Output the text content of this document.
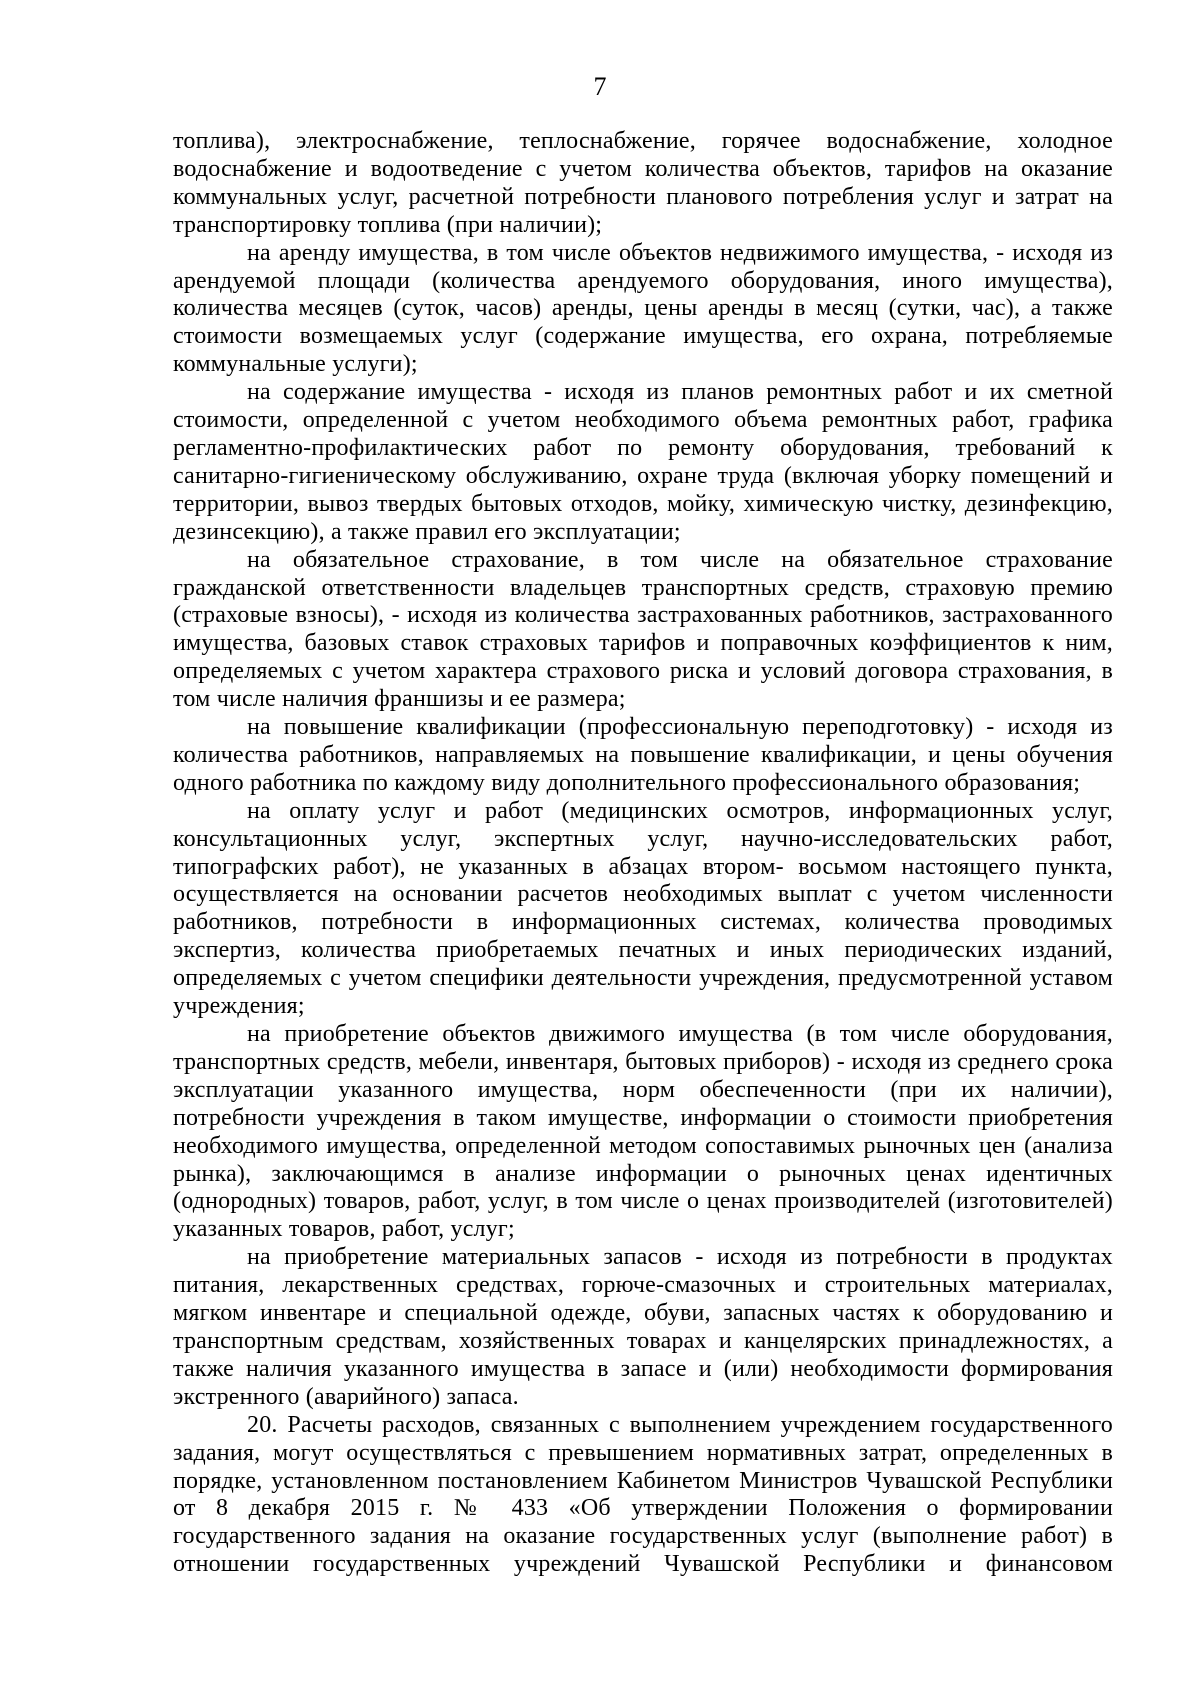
7

топлива), электроснабжение, теплоснабжение, горячее водоснабжение, холодное водоснабжение и водоотведение с учетом количества объектов, тарифов на оказание коммунальных услуг, расчетной потребности планового потребления услуг и затрат на транспортировку топлива (при наличии);

на аренду имущества, в том числе объектов недвижимого имущества, - исходя из арендуемой площади (количества арендуемого оборудования, иного имущества), количества месяцев (суток, часов) аренды, цены аренды в месяц (сутки, час), а также стоимости возмещаемых услуг (содержание имущества, его охрана, потребляемые коммунальные услуги);

на содержание имущества - исходя из планов ремонтных работ и их сметной стоимости, определенной с учетом необходимого объема ремонтных работ, графика регламентно-профилактических работ по ремонту оборудования, требований к санитарно-гигиеническому обслуживанию, охране труда (включая уборку помещений и территории, вывоз твердых бытовых отходов, мойку, химическую чистку, дезинфекцию, дезинсекцию), а также правил его эксплуатации;

на обязательное страхование, в том числе на обязательное страхование гражданской ответственности владельцев транспортных средств, страховую премию (страховые взносы), - исходя из количества застрахованных работников, застрахованного имущества, базовых ставок страховых тарифов и поправочных коэффициентов к ним, определяемых с учетом характера страхового риска и условий договора страхования, в том числе наличия франшизы и ее размера;

на повышение квалификации (профессиональную переподготовку) - исходя из количества работников, направляемых на повышение квалификации, и цены обучения одного работника по каждому виду дополнительного профессионального образования;

на оплату услуг и работ (медицинских осмотров, информационных услуг, консультационных услуг, экспертных услуг, научно-исследовательских работ, типографских работ), не указанных в абзацах втором- восьмом настоящего пункта, осуществляется на основании расчетов необходимых выплат с учетом численности работников, потребности в информационных системах, количества проводимых экспертиз, количества приобретаемых печатных и иных периодических изданий, определяемых с учетом специфики деятельности учреждения, предусмотренной уставом учреждения;

на приобретение объектов движимого имущества (в том числе оборудования, транспортных средств, мебели, инвентаря, бытовых приборов) - исходя из среднего срока эксплуатации указанного имущества, норм обеспеченности (при их наличии), потребности учреждения в таком имуществе, информации о стоимости приобретения необходимого имущества, определенной методом сопоставимых рыночных цен (анализа рынка), заключающимся в анализе информации о рыночных ценах идентичных (однородных) товаров, работ, услуг, в том числе о ценах производителей (изготовителей) указанных товаров, работ, услуг;

на приобретение материальных запасов - исходя из потребности в продуктах питания, лекарственных средствах, горюче-смазочных и строительных материалах, мягком инвентаре и специальной одежде, обуви, запасных частях к оборудованию и транспортным средствам, хозяйственных товарах и канцелярских принадлежностях, а также наличия указанного имущества в запасе и (или) необходимости формирования экстренного (аварийного) запаса.

20. Расчеты расходов, связанных с выполнением учреждением государственного задания, могут осуществляться с превышением нормативных затрат, определенных в порядке, установленном постановлением Кабинетом Министров Чувашской Республики от 8 декабря 2015 г. № 433 «Об утверждении Положения о формировании государственного задания на оказание государственных услуг (выполнение работ) в отношении государственных учреждений Чувашской Республики и финансовом
